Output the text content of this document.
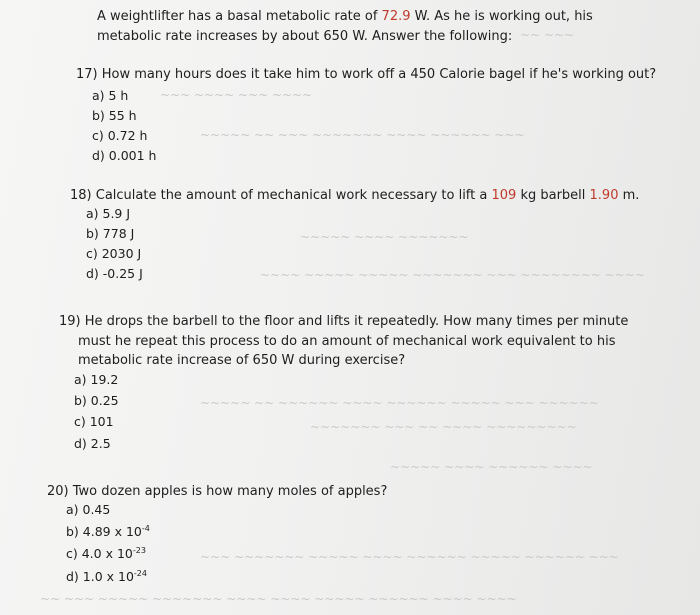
~~ ~~~
~~~ ~~~~ ~~~ ~~~~
~~~~~ ~~ ~~~ ~~~~~~~ ~~~~ ~~~~~~ ~~~
~~~~~ ~~~~ ~~~~~~~
~~~~ ~~~~~ ~~~~~ ~~~~~~~ ~~~ ~~~~~~~~ ~~~~
~~~~~ ~~ ~~~~~~ ~~~~ ~~~~~~ ~~~~~ ~~~ ~~~~~~
~~~~~~~ ~~~ ~~ ~~~~ ~~~~~~~~~
~~~~~ ~~~~ ~~~~~~ ~~~~
~~~ ~~~~~~~ ~~~~~ ~~~~ ~~~~~~ ~~~~~ ~~~~~~ ~~~
~~ ~~~ ~~~~~ ~~~~~~~ ~~~~ ~~~~ ~~~~~ ~~~~~~ ~~~~ ~~~~
A weightlifter has a basal metabolic rate of 72.9 W. As he is working out, his metabolic rate increases by about 650 W. Answer the following:
17) How many hours does it take him to work off a 450 Calorie bagel if he's working out?
a) 5 h
b) 55 h
c) 0.72 h
d) 0.001 h
18) Calculate the amount of mechanical work necessary to lift a 109 kg barbell 1.90 m.
a) 5.9 J
b) 778 J
c) 2030 J
d) -0.25 J
19) He drops the barbell to the floor and lifts it repeatedly. How many times per minute
must he repeat this process to do an amount of mechanical work equivalent to his
metabolic rate increase of 650 W during exercise?
a) 19.2
b) 0.25
c) 101
d) 2.5
20) Two dozen apples is how many moles of apples?
a) 0.45
b) 4.89 x $10^{-4}$
c) 4.0 x $10^{-23}$
d) 1.0 x $10^{-24}$
